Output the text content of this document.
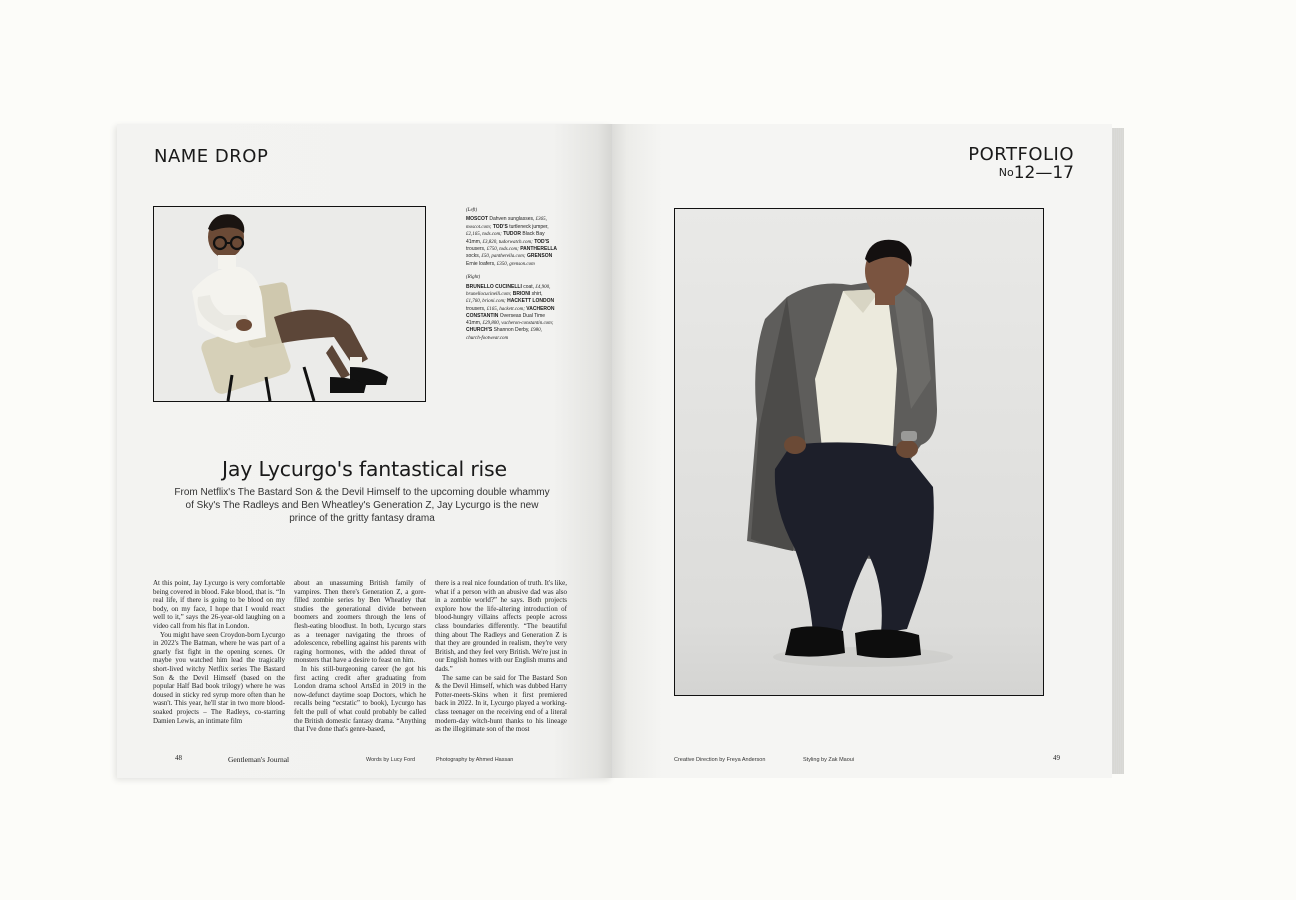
NAME DROP
(Left)
MOSCOT Dahven sunglasses, £365, moscot.com; TOD'S turtleneck jumper, £2,165, tods.com; TUDOR Black Bay 41mm, £3,820, tudorwatch.com; TOD'S trousers, £750, tods.com; PANTHERELLA socks, £50, pantherella.com; GRENSON Ernie loafers, £350, grenson.com
(Right)
BRUNELLO CUCINELLI coat, £4,900, brunellocucinelli.com; BRIONI shirt, £1,760, brioni.com; HACKETT LONDON trousers, £165, hackett.com; VACHERON CONSTANTIN Overseas Dual Time 41mm, £29,800, vacheron-constantin.com; CHURCH'S Shannon Derby, £980, church-footwear.com
Jay Lycurgo's fantastical rise
From Netflix's The Bastard Son & the Devil Himself to the upcoming double whammy of Sky's The Radleys and Ben Wheatley's Generation Z, Jay Lycurgo is the new prince of the gritty fantasy drama

At this point, Jay Lycurgo is very comfortable being covered in blood. Fake blood, that is. “In real life, if there is going to be blood on my body, on my face, I hope that I would react well to it,” says the 26-year-old laughing on a video call from his flat in London.

You might have seen Croydon-born Lycurgo in 2022's The Batman, where he was part of a gnarly fist fight in the opening scenes. Or maybe you watched him lead the tragically short-lived witchy Netflix series The Bastard Son & the Devil Himself (based on the popular Half Bad book trilogy) where he was doused in sticky red syrup more often than he wasn't. This year, he'll star in two more blood-soaked projects – The Radleys, co-starring Damien Lewis, an intimate film

about an unassuming British family of vampires. Then there's Generation Z, a gore-filled zombie series by Ben Wheatley that studies the generational divide between boomers and zoomers through the lens of flesh-eating bloodlust. In both, Lycurgo stars as a teenager navigating the throes of adolescence, rebelling against his parents with raging hormones, with the added threat of monsters that have a desire to feast on him.

In his still-burgeoning career (he got his first acting credit after graduating from London drama school ArtsEd in 2019 in the now-defunct daytime soap Doctors, which he recalls being “ecstatic” to book), Lycurgo has felt the pull of what could probably be called the British domestic fantasy drama. “Anything that I've done that's genre-based,

there is a real nice foundation of truth. It's like, what if a person with an abusive dad was also in a zombie world?” he says. Both projects explore how the life-altering introduction of blood-hungry villains affects people across class boundaries differently. “The beautiful thing about The Radleys and Generation Z is that they are grounded in realism, they're very British, and they feel very British. We're just in our English homes with our English mums and dads.”

The same can be said for The Bastard Son & the Devil Himself, which was dubbed Harry Potter-meets-Skins when it first premiered back in 2022. In it, Lycurgo played a working-class teenager on the receiving end of a literal modern-day witch-hunt thanks to his lineage as the illegitimate son of the most

48	Gentleman's Journal	Words by Lucy Ford	Photography by Ahmed Hassan
PORTFOLIO
$^{No}$12—17
Creative Direction by Freya Anderson	Styling by Zak Maoui	49
